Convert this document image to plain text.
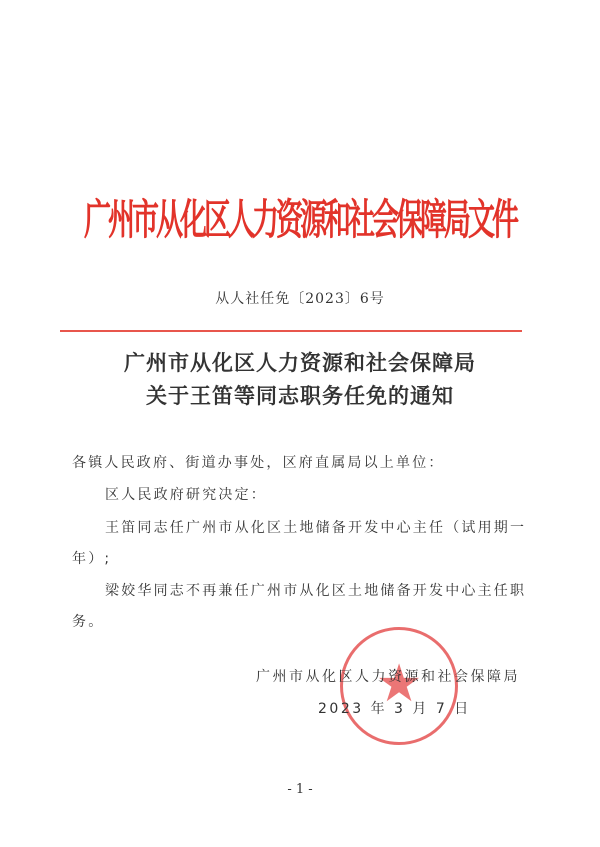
广州市从化区人力资源和社会保障局文件
从人社任免〔2023〕6号
广州市从化区人力资源和社会保障局
关于王笛等同志职务任免的通知
各镇人民政府、街道办事处，区府直属局以上单位：
区人民政府研究决定：
王笛同志任广州市从化区土地储备开发中心主任（试用期一
年）;
梁姣华同志不再兼任广州市从化区土地储备开发中心主任职
务。
★
广州市从化区人力资源和社会保障局
2023 年 3 月 7 日
- 1 -
